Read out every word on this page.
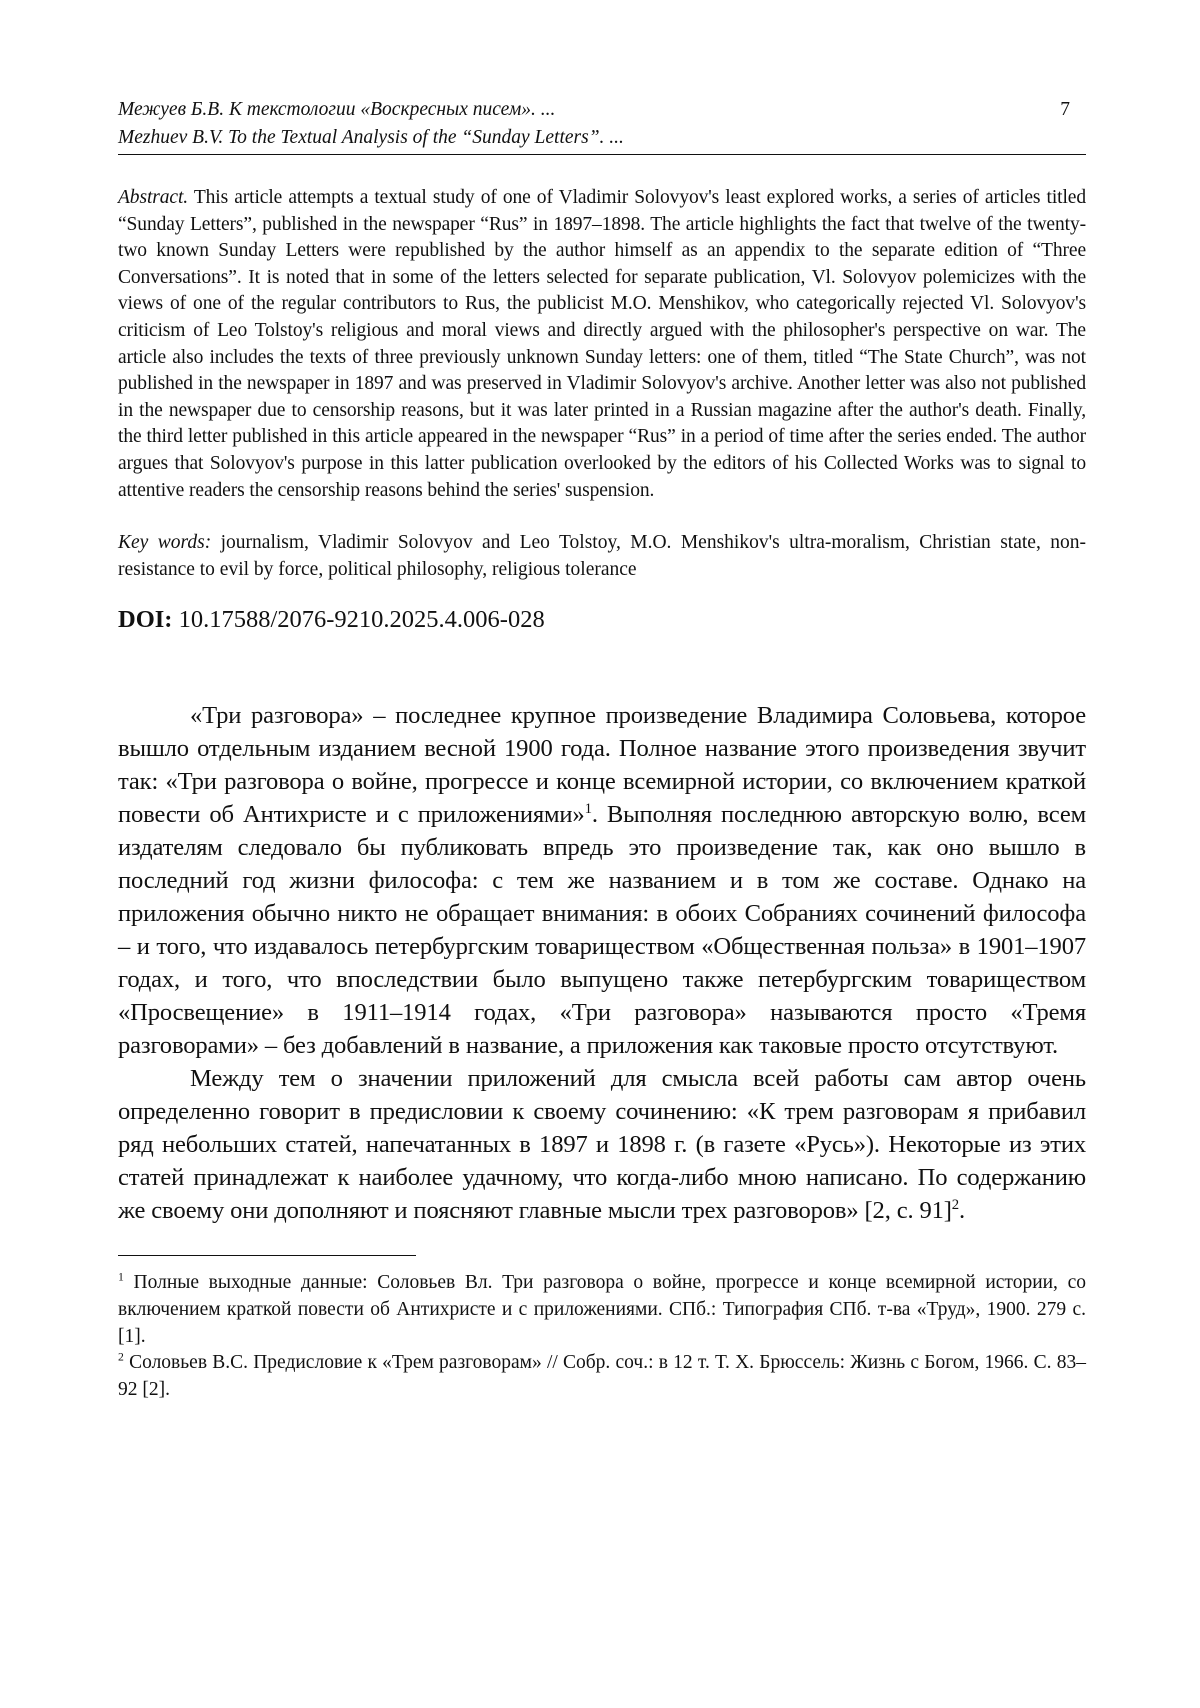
Межуев Б.В. К текстологии «Воскресных писем». ...
Mezhuev B.V. To the Textual Analysis of the “Sunday Letters”. ...
7
Abstract. This article attempts a textual study of one of Vladimir Solovyov's least explored works, a series of articles titled “Sunday Letters”, published in the newspaper “Rus” in 1897–1898. The article highlights the fact that twelve of the twenty-two known Sunday Letters were republished by the author himself as an appendix to the separate edition of “Three Conversations”. It is noted that in some of the letters selected for separate publication, Vl. Solovyov polemicizes with the views of one of the regular contributors to Rus, the publicist M.O. Menshikov, who categorically rejected Vl. Solovyov's criticism of Leo Tolstoy's religious and moral views and directly argued with the philosopher's perspective on war. The article also includes the texts of three previously unknown Sunday letters: one of them, titled “The State Church”, was not published in the newspaper in 1897 and was preserved in Vladimir Solovyov's archive. Another letter was also not published in the newspaper due to censorship reasons, but it was later printed in a Russian magazine after the author's death. Finally, the third letter published in this article appeared in the newspaper “Rus” in a period of time after the series ended. The author argues that Solovyov's purpose in this latter publication overlooked by the editors of his Collected Works was to signal to attentive readers the censorship reasons behind the series' suspension.
Key words: journalism, Vladimir Solovyov and Leo Tolstoy, M.O. Menshikov's ultra-moralism, Christian state, non-resistance to evil by force, political philosophy, religious tolerance
DOI: 10.17588/2076-9210.2025.4.006-028

«Три разговора» – последнее крупное произведение Владимира Соловьева, которое вышло отдельным изданием весной 1900 года. Полное название этого произведения звучит так: «Три разговора о войне, прогрессе и конце всемирной истории, со включением краткой повести об Антихристе и с приложениями»$^1$. Выполняя последнюю авторскую волю, всем издателям следовало бы публиковать впредь это произведение так, как оно вышло в последний год жизни философа: с тем же названием и в том же составе. Однако на приложения обычно никто не обращает внимания: в обоих Собраниях сочинений философа – и того, что издавалось петербургским товариществом «Общественная польза» в 1901–1907 годах, и того, что впоследствии было выпущено также петербургским товариществом «Просвещение» в 1911–1914 годах, «Три разговора» называются просто «Тремя разговорами» – без добавлений в название, а приложения как таковые просто отсутствуют.

Между тем о значении приложений для смысла всей работы сам автор очень определенно говорит в предисловии к своему сочинению: «К трем разговорам я прибавил ряд небольших статей, напечатанных в 1897 и 1898 г. (в газете «Русь»). Некоторые из этих статей принадлежат к наиболее удачному, что когда-либо мною написано. По содержанию же своему они дополняют и поясняют главные мысли трех разговоров» [2, с. 91]$^2$.

$^1$ Полные выходные данные: Соловьев Вл. Три разговора о войне, прогрессе и конце всемирной истории, со включением краткой повести об Антихристе и с приложениями. СПб.: Типография СПб. т-ва «Труд», 1900. 279 с. [1].

$^2$ Соловьев В.С. Предисловие к «Трем разговорам» // Собр. соч.: в 12 т. Т. X. Брюссель: Жизнь с Богом, 1966. С. 83–92 [2].
